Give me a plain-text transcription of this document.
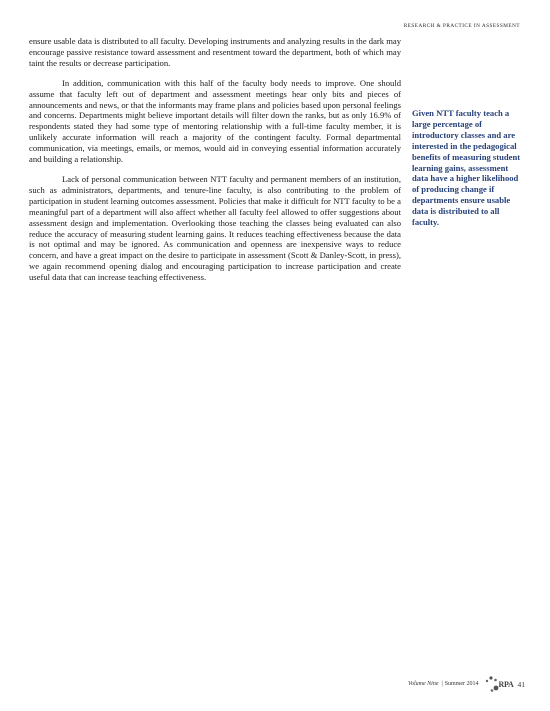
RESEARCH & PRACTICE IN ASSESSMENT

ensure usable data is distributed to all faculty. Developing instruments and analyzing results in the dark may encourage passive resistance toward assessment and resentment toward the department, both of which may taint the results or decrease participation.

In addition, communication with this half of the faculty body needs to improve. One should assume that faculty left out of department and assessment meetings hear only bits and pieces of announcements and news, or that the informants may frame plans and policies based upon personal feelings and concerns. Departments might believe important details will filter down the ranks, but as only 16.9% of respondents stated they had some type of mentoring relationship with a full-time faculty member, it is unlikely accurate information will reach a majority of the contingent faculty. Formal departmental communication, via meetings, emails, or memos, would aid in conveying essential information accurately and building a relationship.

Lack of personal communication between NTT faculty and permanent members of an institution, such as administrators, departments, and tenure-line faculty, is also contributing to the problem of participation in student learning outcomes assessment. Policies that make it difficult for NTT faculty to be a meaningful part of a department will also affect whether all faculty feel allowed to offer suggestions about assessment design and implementation. Overlooking those teaching the classes being evaluated can also reduce the accuracy of measuring student learning gains. It reduces teaching effectiveness because the data is not optimal and may be ignored. As communication and openness are inexpensive ways to reduce concern, and have a great impact on the desire to participate in assessment (Scott & Danley-Scott, in press), we again recommend opening dialog and encouraging participation to increase participation and create useful data that can increase teaching effectiveness.

Given NTT faculty teach a large percentage of introductory classes and are interested in the pedagogical benefits of measuring student learning gains, assessment data have a higher likelihood of producing change if departments ensure usable data is distributed to all faculty.
Volume Nine | Summer 2014	RPA 41
